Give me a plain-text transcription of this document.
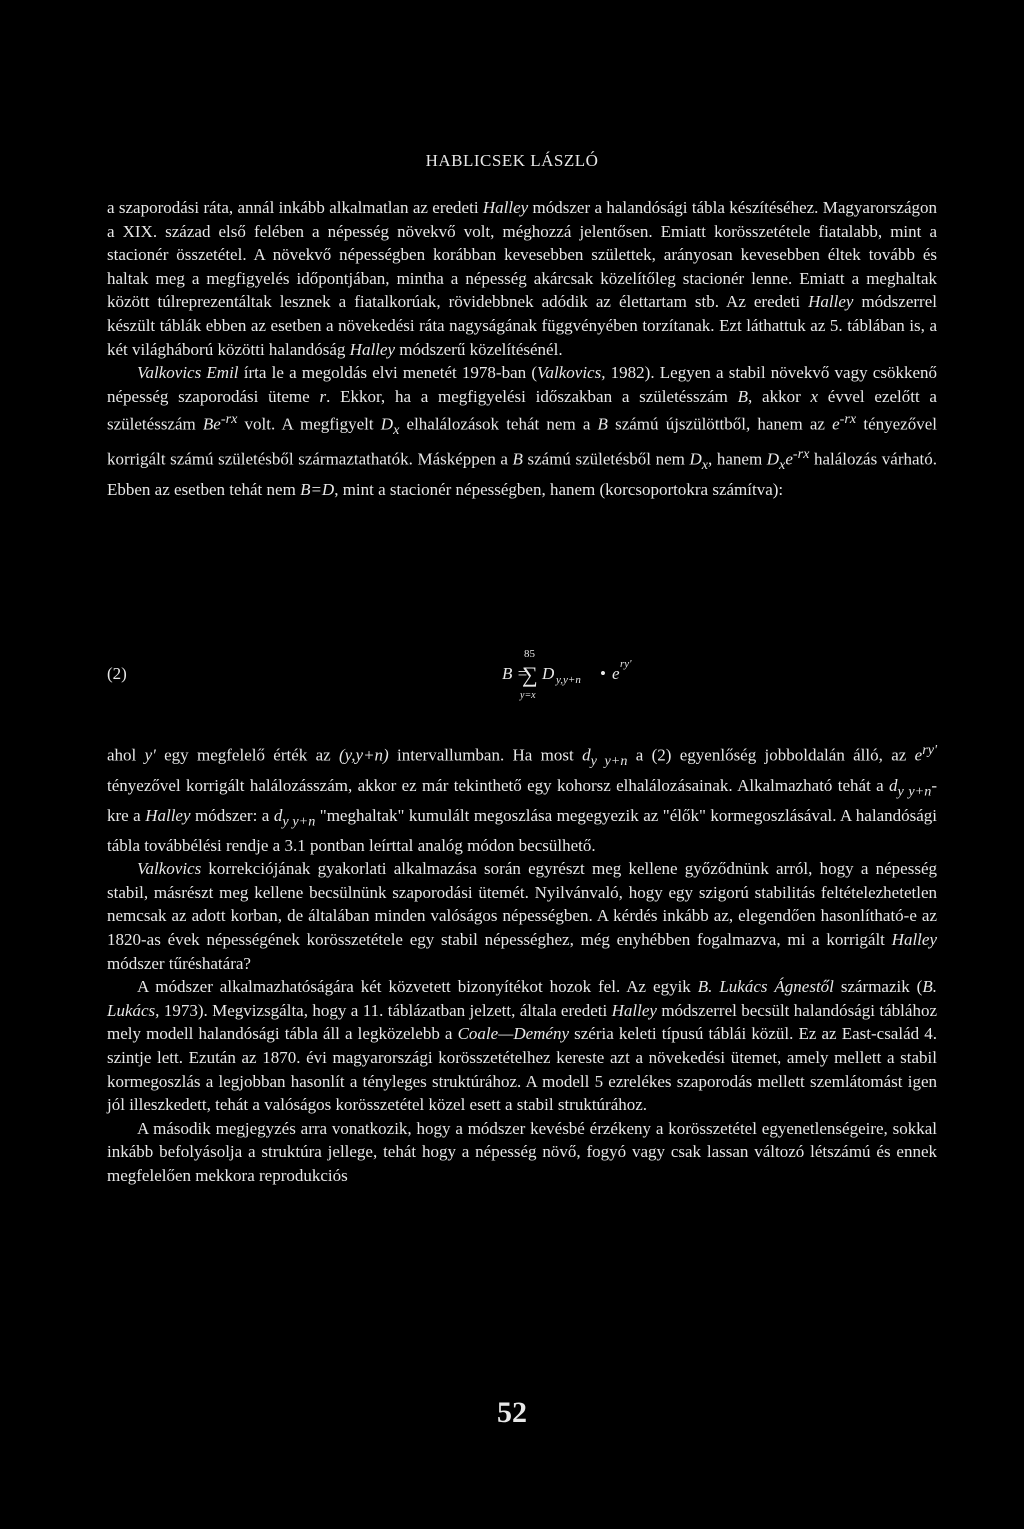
HABLICSEK LÁSZLÓ

a szaporodási ráta, annál inkább alkalmatlan az eredeti Halley módszer a halandósági tábla készítéséhez. Magyarországon a XIX. század első felében a népesség növekvő volt, méghozzá jelentősen. Emiatt korösszetétele fiatalabb, mint a stacionér összetétel. A növekvő népességben korábban kevesebben születtek, arányosan kevesebben éltek tovább és haltak meg a megfigyelés időpontjában, mintha a népesség akárcsak közelítőleg stacionér lenne. Emiatt a meghaltak között túlreprezentáltak lesznek a fiatalkorúak, rövidebbnek adódik az élettartam stb. Az eredeti Halley módszerrel készült táblák ebben az esetben a növekedési ráta nagyságának függvényében torzítanak. Ezt láthattuk az 5. táblában is, a két világháború közötti halandóság Halley módszerű közelítésénél.

Valkovics Emil írta le a megoldás elvi menetét 1978-ban (Valkovics, 1982). Legyen a stabil növekvő vagy csökkenő népesség szaporodási üteme r. Ekkor, ha a megfigyelési időszakban a születésszám B, akkor x évvel ezelőtt a születésszám $Be^{-rx}$ volt. A megfigyelt $D_x$ elhalálozások tehát nem a B számú újszülöttből, hanem az $e^{-rx}$ tényezővel korrigált számú születésből származtathatók. Másképpen a B számú születésből nem $D_x$, hanem $D_xe^{-rx}$ halálozás várható. Ebben az esetben tehát nem B=D, mint a stacionér népességben, hanem (korcsoportokra számítva):

(2)
85
B =
∑ D y,y+n • e ry'
y=x

ahol y' egy megfelelő érték az (y,y+n) intervallumban. Ha most $d_{y y+n}$ a (2) egyenlőség jobboldalán álló, az $e^{ry'}$ tényezővel korrigált halálozásszám, akkor ez már tekinthető egy kohorsz elhalálozásainak. Alkalmazható tehát a $d_{y y+n}$-kre a Halley módszer: a $d_{y y+n}$ "meghaltak" kumulált megoszlása megegyezik az "élők" kormegoszlásával. A halandósági tábla továbbélési rendje a 3.1 pontban leírttal analóg módon becsülhető.

Valkovics korrekciójának gyakorlati alkalmazása során egyrészt meg kellene győződnünk arról, hogy a népesség stabil, másrészt meg kellene becsülnünk szaporodási ütemét. Nyilvánvaló, hogy egy szigorú stabilitás feltételezhetetlen nemcsak az adott korban, de általában minden valóságos népességben. A kérdés inkább az, elegendően hasonlítható-e az 1820-as évek népességének korösszetétele egy stabil népességhez, még enyhébben fogalmazva, mi a korrigált Halley módszer tűréshatára?

A módszer alkalmazhatóságára két közvetett bizonyítékot hozok fel. Az egyik B. Lukács Ágnestől származik (B. Lukács, 1973). Megvizsgálta, hogy a 11. táblázatban jelzett, általa eredeti Halley módszerrel becsült halandósági táblához mely modell halandósági tábla áll a legközelebb a Coale—Demény széria keleti típusú táblái közül. Ez az East-család 4. szintje lett. Ezután az 1870. évi magyarországi korösszetételhez kereste azt a növekedési ütemet, amely mellett a stabil kormegoszlás a legjobban hasonlít a tényleges struktúrához. A modell 5 ezrelékes szaporodás mellett szemlátomást igen jól illeszkedett, tehát a valóságos korösszetétel közel esett a stabil struktúrához.

A második megjegyzés arra vonatkozik, hogy a módszer kevésbé érzékeny a korösszetétel egyenetlenségeire, sokkal inkább befolyásolja a struktúra jellege, tehát hogy a népesség növő, fogyó vagy csak lassan változó létszámú és ennek megfelelően mekkora reprodukciós

52
